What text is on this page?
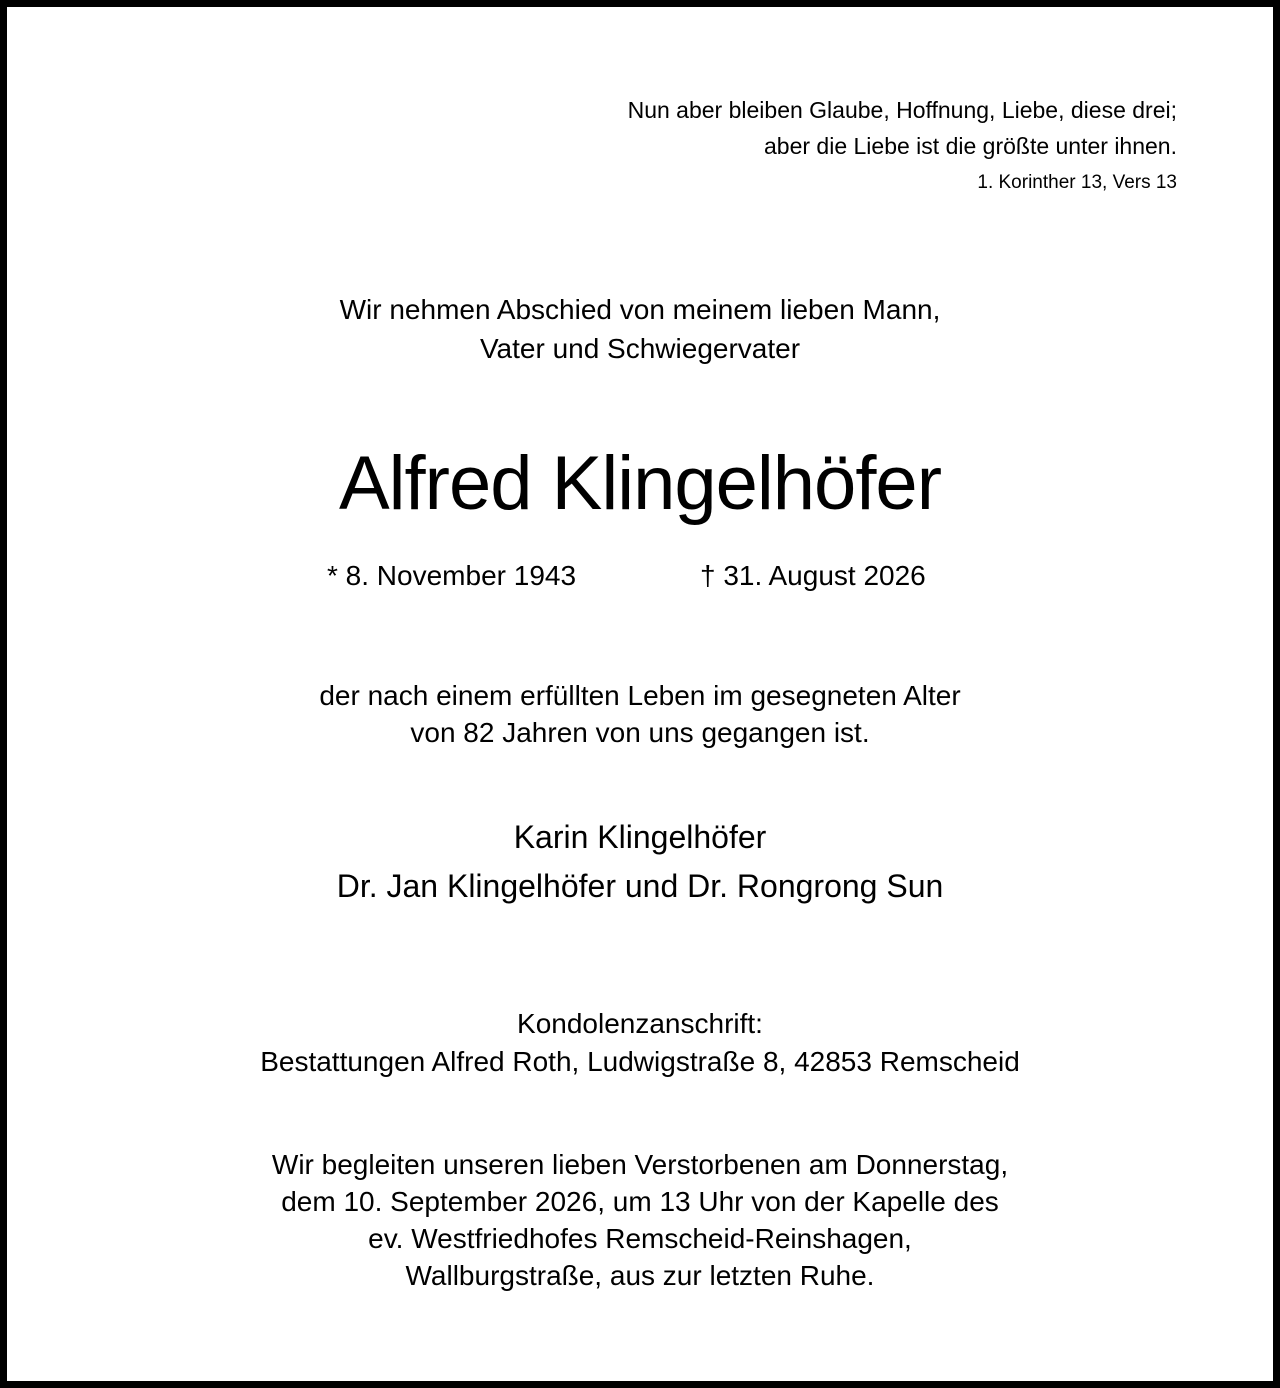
Nun aber bleiben Glaube, Hoffnung, Liebe, diese drei;
aber die Liebe ist die größte unter ihnen.
1. Korinther 13, Vers 13
Wir nehmen Abschied von meinem lieben Mann,
Vater und Schwiegervater
Alfred Klingelhöfer
* 8. November 1943	† 31. August 2026
der nach einem erfüllten Leben im gesegneten Alter
von 82 Jahren von uns gegangen ist.
Karin Klingelhöfer
Dr. Jan Klingelhöfer und Dr. Rongrong Sun
Kondolenzanschrift:
Bestattungen Alfred Roth, Ludwigstraße 8, 42853 Remscheid
Wir begleiten unseren lieben Verstorbenen am Donnerstag,
dem 10. September 2026, um 13 Uhr von der Kapelle des
ev. Westfriedhofes Remscheid-Reinshagen,
Wallburgstraße, aus zur letzten Ruhe.
